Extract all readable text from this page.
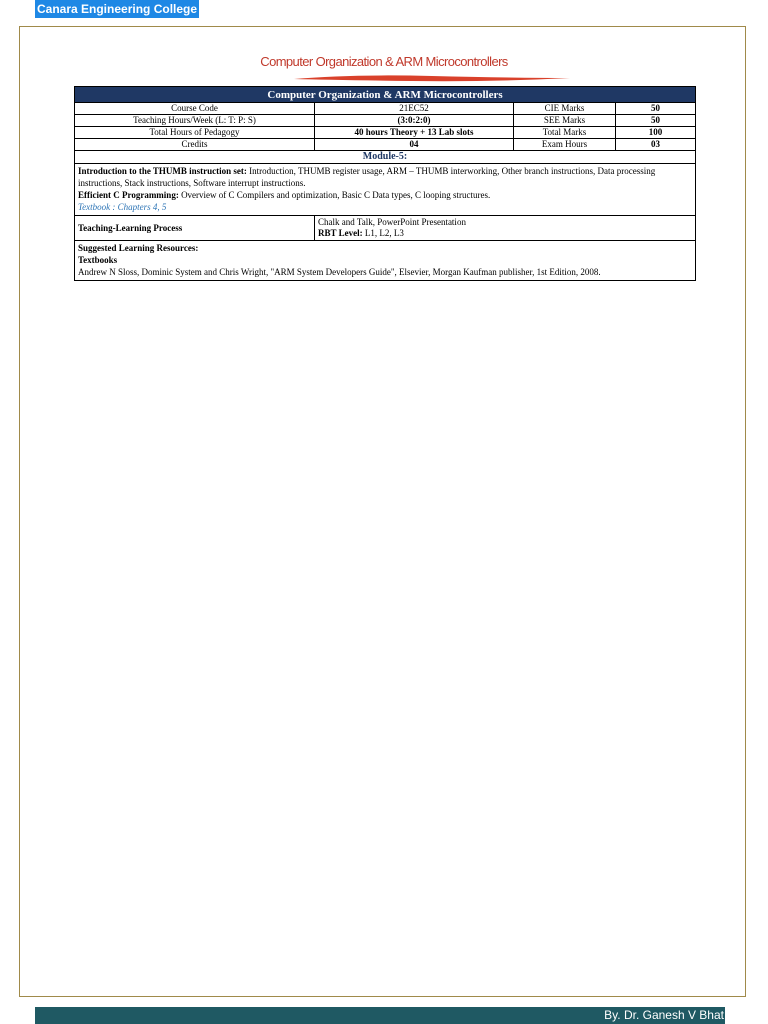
Canara Engineering College
Computer Organization & ARM Microcontrollers
Computer Organization & ARM Microcontrollers			
Course Code	21EC52	CIE Marks	50
Teaching Hours/Week (L: T: P: S)	(3:0:2:0)	SEE Marks	50
Total Hours of Pedagogy	40 hours Theory + 13 Lab slots	Total Marks	100
Credits	04	Exam Hours	03
Module-5:			

Introduction to the THUMB instruction set: Introduction, THUMB register usage, ARM – THUMB interworking, Other branch instructions, Data processing instructions, Stack instructions, Software interrupt instructions.
Efficient C Programming: Overview of C Compilers and optimization, Basic C Data types, C looping structures.
Textbook : Chapters 4, 5			

Teaching-Learning Process	Chalk and Talk, PowerPoint Presentation
RBT Level: L1, L2, L3		

Suggested Learning Resources:
Textbooks
Andrew N Sloss, Dominic System and Chris Wright, "ARM System Developers Guide", Elsevier, Morgan Kaufman publisher, 1st Edition, 2008.			
By. Dr. Ganesh V Bhat
